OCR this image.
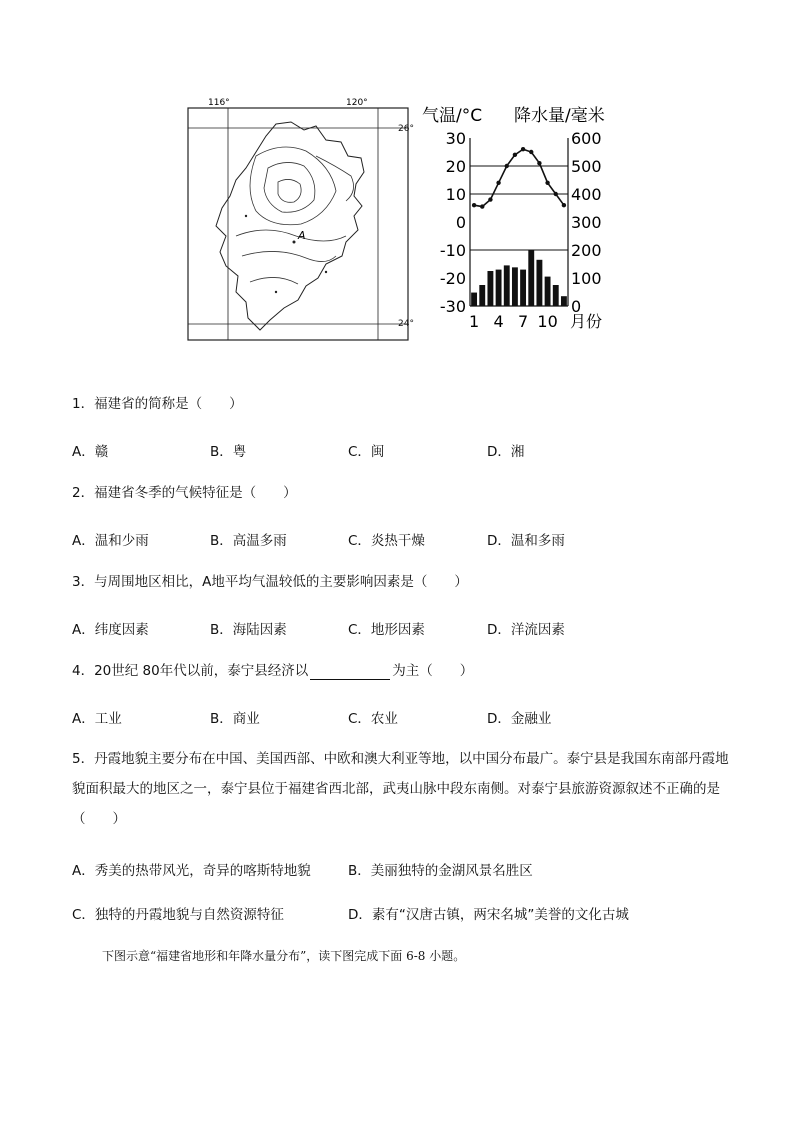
116°	120°
A
26°
24°
气温/°C 降水量/毫米
30
20
10
0
-10
-20
-30
600
500
400
300
200
100
0
1 4 7 10 月份
1．福建省的简称是（　　）
A．赣	B．粤	C．闽	D．湘
2．福建省冬季的气候特征是（　　）
A．温和少雨	B．高温多雨	C．炎热干燥	D．温和多雨
3．与周围地区相比，A地平均气温较低的主要影响因素是（　　）
A．纬度因素	B．海陆因素	C．地形因素	D．洋流因素
4．20世纪 80年代以前，泰宁县经济以	为主（　　）
A．工业	B．商业	C．农业	D．金融业
5．丹霞地貌主要分布在中国、美国西部、中欧和澳大利亚等地，以中国分布最广。泰宁县是我国东南部丹霞地貌面积最大的地区之一，泰宁县位于福建省西北部，武夷山脉中段东南侧。对泰宁县旅游资源叙述不正确的是（　　）
A．秀美的热带风光，奇异的喀斯特地貌	B．美丽独特的金湖风景名胜区
C．独特的丹霞地貌与自然资源特征	D．素有“汉唐古镇，两宋名城”美誉的文化古城
下图示意“福建省地形和年降水量分布”，读下图完成下面 6-8 小题。
